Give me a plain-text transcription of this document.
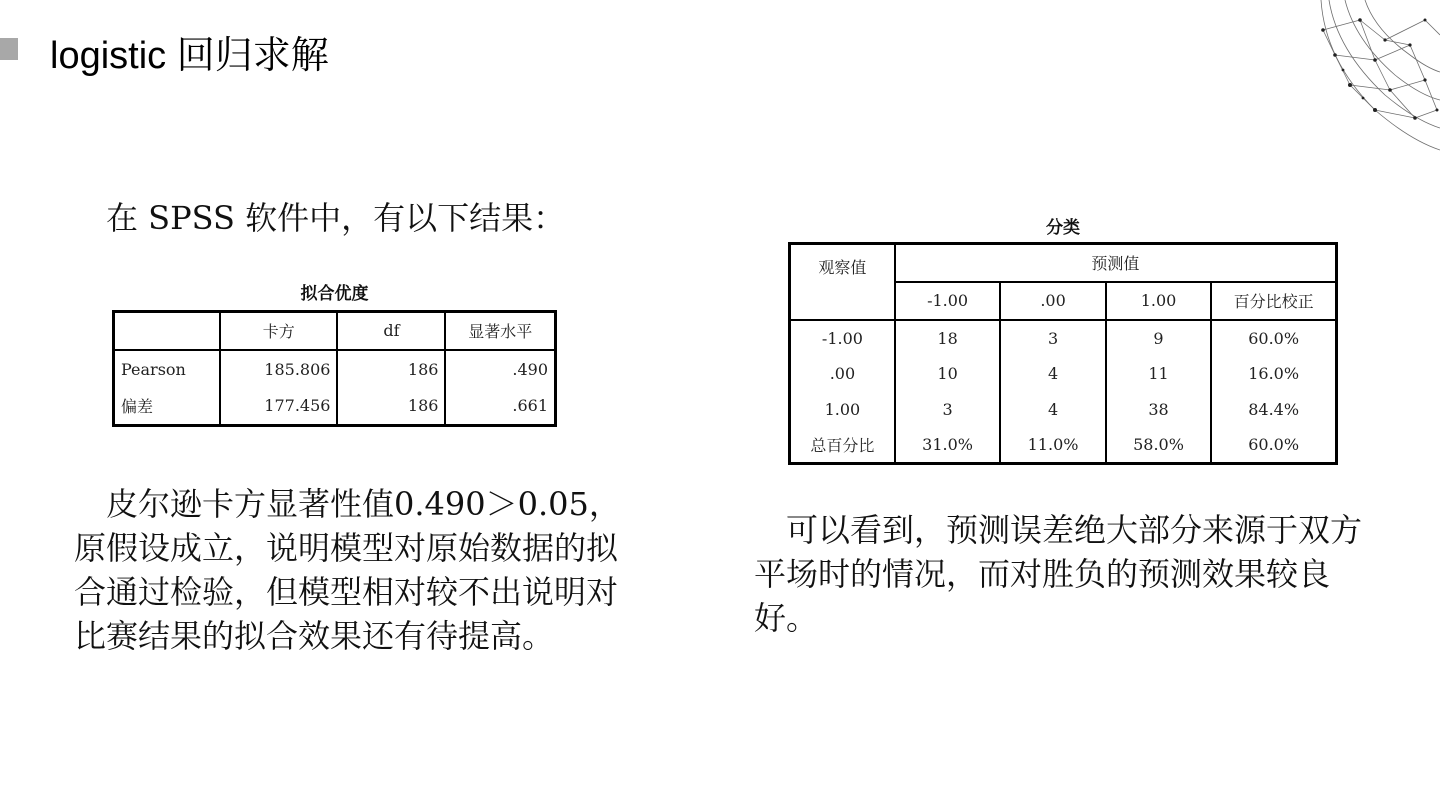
logistic 回归求解
在 SPSS 软件中，有以下结果：
拟合优度
	卡方	df	显著水平
Pearson	185.806	186	.490
偏差	177.456	186	.661
皮尔逊卡方显著性值0.490＞0.05，原假设成立，说明模型对原始数据的拟合通过检验，但模型相对较不出说明对比赛结果的拟合效果还有待提高。
分类
观察值	预测值			
	-1.00	.00	1.00	百分比校正
-1.00	18	3	9	60.0%
.00	10	4	11	16.0%
1.00	3	4	38	84.4%
总百分比	31.0%	11.0%	58.0%	60.0%
可以看到，预测误差绝大部分来源于双方平场时的情况，而对胜负的预测效果较良好。
